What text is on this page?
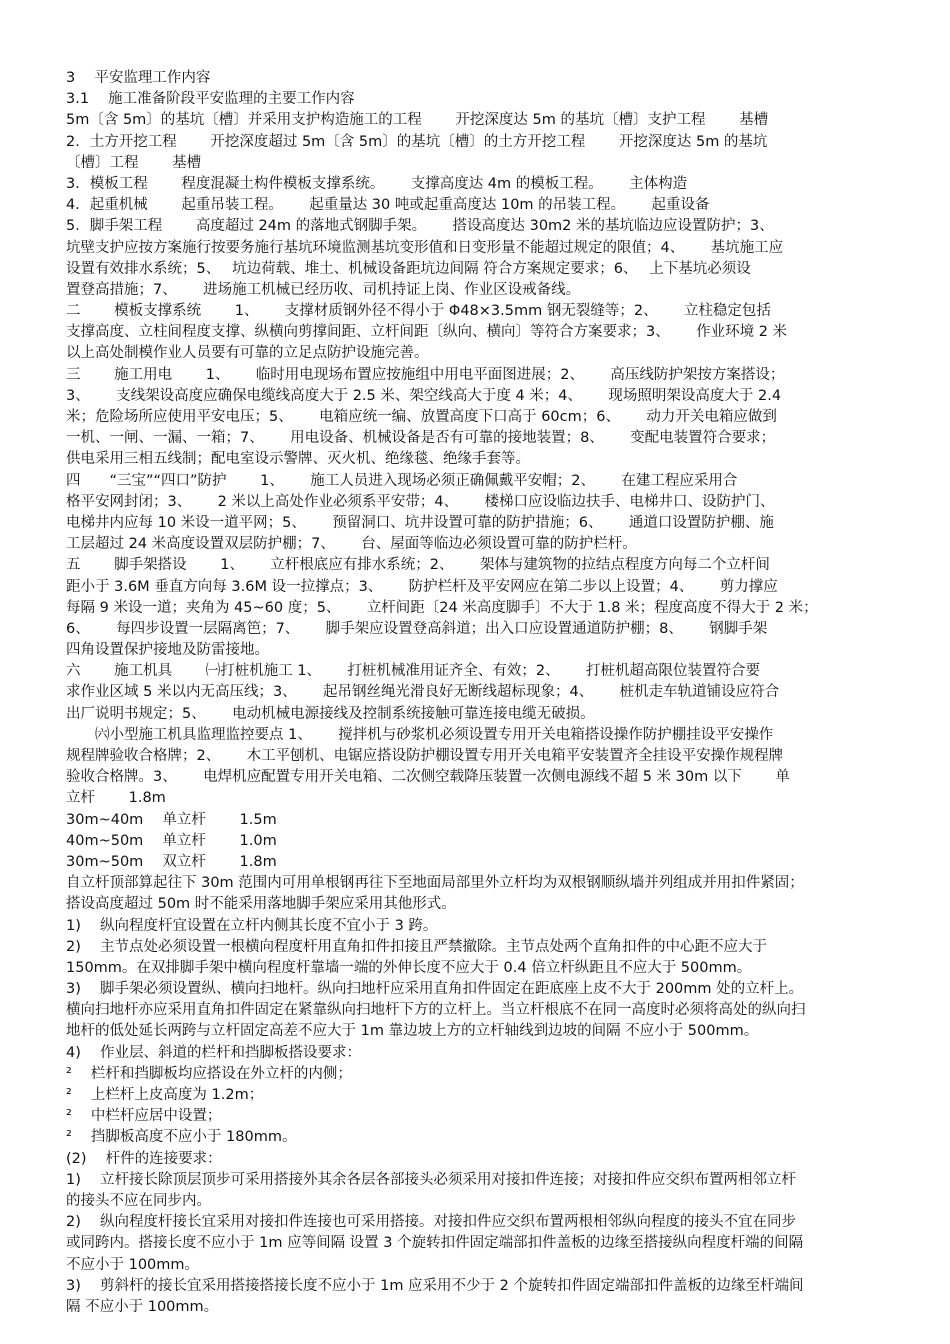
3　 平安监理工作内容
3.1　 施工准备阶段平安监理的主要工作内容
5m〔含 5m〕的基坑〔槽〕并采用支护构造施工的工程　　 开挖深度达 5m 的基坑〔槽〕支护工程　　 基槽
2．土方开挖工程　　 开挖深度超过 5m〔含 5m〕的基坑〔槽〕的土方开挖工程　　 开挖深度达 5m 的基坑
〔槽〕工程　　 基槽
3．模板工程　　 程度混凝土构件模板支撑系统。　　 支撑高度达 4m 的模板工程。　　 主体构造
4．起重机械　　 起重吊装工程。　　 起重量达 30 吨或起重高度达 10m 的吊装工程。　　 起重设备
5．脚手架工程　　 高度超过 24m 的落地式钢脚手架。　　 搭设高度达 30m2 米的基坑临边应设置防护；3、
坑壁支护应按方案施行按要务施行基坑环境监测基坑变形值和日变形量不能超过规定的限值；4、　　 基坑施工应
设置有效排水系统；5、　 坑边荷载、堆土、机械设备距坑边间隔 符合方案规定要求；6、　 上下基坑必须设
置登高措施；7、　　 进场施工机械已经历收、司机持证上岗、作业区设戒备线。
二　　 模板支撑系统　　 1、　　 支撑材质钢外径不得小于 Φ48×3.5mm 钢无裂缝等；2、　　 立柱稳定包括
支撑高度、立柱间程度支撑、纵横向剪撑间距、立杆间距〔纵向、横向〕等符合方案要求；3、　　 作业环境 2 米
以上高处制模作业人员要有可靠的立足点防护设施完善。
三　　 施工用电　　 1、　　 临时用电现场布置应按施组中用电平面图进展；2、　　 高压线防护架按方案搭设；
3、　　 支线架设高度应确保电缆线高度大于 2.5 米、架空线高大于度 4 米；4、　　 现场照明架设高度大于 2.4
米；危险场所应使用平安电压；5、　　 电箱应统一编、放置高度下口高于 60cm；6、　　 动力开关电箱应做到
一机、一闸、一漏、一箱；7、　　 用电设备、机械设备是否有可靠的接地装置；8、　　 变配电装置符合要求；
供电采用三相五线制；配电室设示警牌、灭火机、绝缘毯、绝缘手套等。
四　　“三宝”“四口”防护　　 1、　　 施工人员进入现场必须正确佩戴平安帽；2、　　 在建工程应采用合
格平安网封闭；3、　　 2 米以上高处作业必须系平安带；4、　　 楼梯口应设临边扶手、电梯井口、设防护门、
电梯井内应每 10 米设一道平网；5、　　 预留洞口、坑井设置可靠的防护措施；6、　　 通道口设置防护棚、施
工层超过 24 米高度设置双层防护棚；7、　　 台、屋面等临边必须设置可靠的防护栏杆。
五　　 脚手架搭设　　 1、　　 立杆根底应有排水系统；2、　　 架体与建筑物的拉结点程度方向每二个立杆间
距小于 3.6M 垂直方向每 3.6M 设一拉撑点；3、　　 防护栏杆及平安网应在第二步以上设置；4、　　 剪力撑应
每隔 9 米设一道；夹角为 45~60 度；5、　　 立杆间距〔24 米高度脚手〕不大于 1.8 米；程度高度不得大于 2 米；
6、　　 每四步设置一层隔离笆；7、　　 脚手架应设置登高斜道；出入口应设置通道防护棚；8、　　 钢脚手架
四角设置保护接地及防雷接地。
六　　 施工机具　　 ㈠打桩机施工 1、　　 打桩机械准用证齐全、有效；2、　　 打桩机超高限位装置符合要
求作业区域 5 米以内无高压线；3、　　 起吊钢丝绳光滑良好无断线超标现象；4、　　 桩机走车轨道铺设应符合
出厂说明书规定；5、　　 电动机械电源接线及控制系统接触可靠连接电缆无破损。
　　㈥小型施工机具监理监控要点 1、　　 搅拌机与砂浆机必须设置专用开关电箱搭设操作防护棚挂设平安操作
规程牌验收合格牌；2、　　 木工平刨机、电锯应搭设防护棚设置专用开关电箱平安装置齐全挂设平安操作规程牌
验收合格牌。3、　　 电焊机应配置专用开关电箱、二次侧空载降压装置一次侧电源线不超 5 米 30m 以下　　 单
立杆　　 1.8m
30m~40m　 单立杆　　 1.5m
40m~50m　 单立杆　　 1.0m
30m~50m　 双立杆　　 1.8m
自立杆顶部算起往下 30m 范围内可用单根钢再往下至地面局部里外立杆均为双根钢顺纵墙并列组成并用扣件紧固；
搭设高度超过 50m 时不能采用落地脚手架应采用其他形式。
1)　 纵向程度杆宜设置在立杆内侧其长度不宜小于 3 跨。
2)　 主节点处必须设置一根横向程度杆用直角扣件扣接且严禁撤除。主节点处两个直角扣件的中心距不应大于
150mm。在双排脚手架中横向程度杆靠墙一端的外伸长度不应大于 0.4 倍立杆纵距且不应大于 500mm。
3)　 脚手架必须设置纵、横向扫地杆。纵向扫地杆应采用直角扣件固定在距底座上皮不大于 200mm 处的立杆上。
横向扫地杆亦应采用直角扣件固定在紧靠纵向扫地杆下方的立杆上。当立杆根底不在同一高度时必须将高处的纵向扫
地杆的低处延长两跨与立杆固定高差不应大于 1m 靠边坡上方的立杆轴线到边坡的间隔 不应小于 500mm。
4)　 作业层、斜道的栏杆和挡脚板搭设要求：
²　 栏杆和挡脚板均应搭设在外立杆的内侧；
²　 上栏杆上皮高度为 1.2m；
²　 中栏杆应居中设置；
²　 挡脚板高度不应小于 180mm。
(2)　 杆件的连接要求：
1)　 立杆接长除顶层顶步可采用搭接外其余各层各部接头必须采用对接扣件连接；对接扣件应交织布置两相邻立杆
的接头不应在同步内。
2)　 纵向程度杆接长宜采用对接扣件连接也可采用搭接。对接扣件应交织布置两根相邻纵向程度的接头不宜在同步
或同跨内。搭接长度不应小于 1m 应等间隔 设置 3 个旋转扣件固定端部扣件盖板的边缘至搭接纵向程度杆端的间隔
不应小于 100mm。
3)　 剪斜杆的接长宜采用搭接搭接长度不应小于 1m 应采用不少于 2 个旋转扣件固定端部扣件盖板的边缘至杆端间
隔 不应小于 100mm。
